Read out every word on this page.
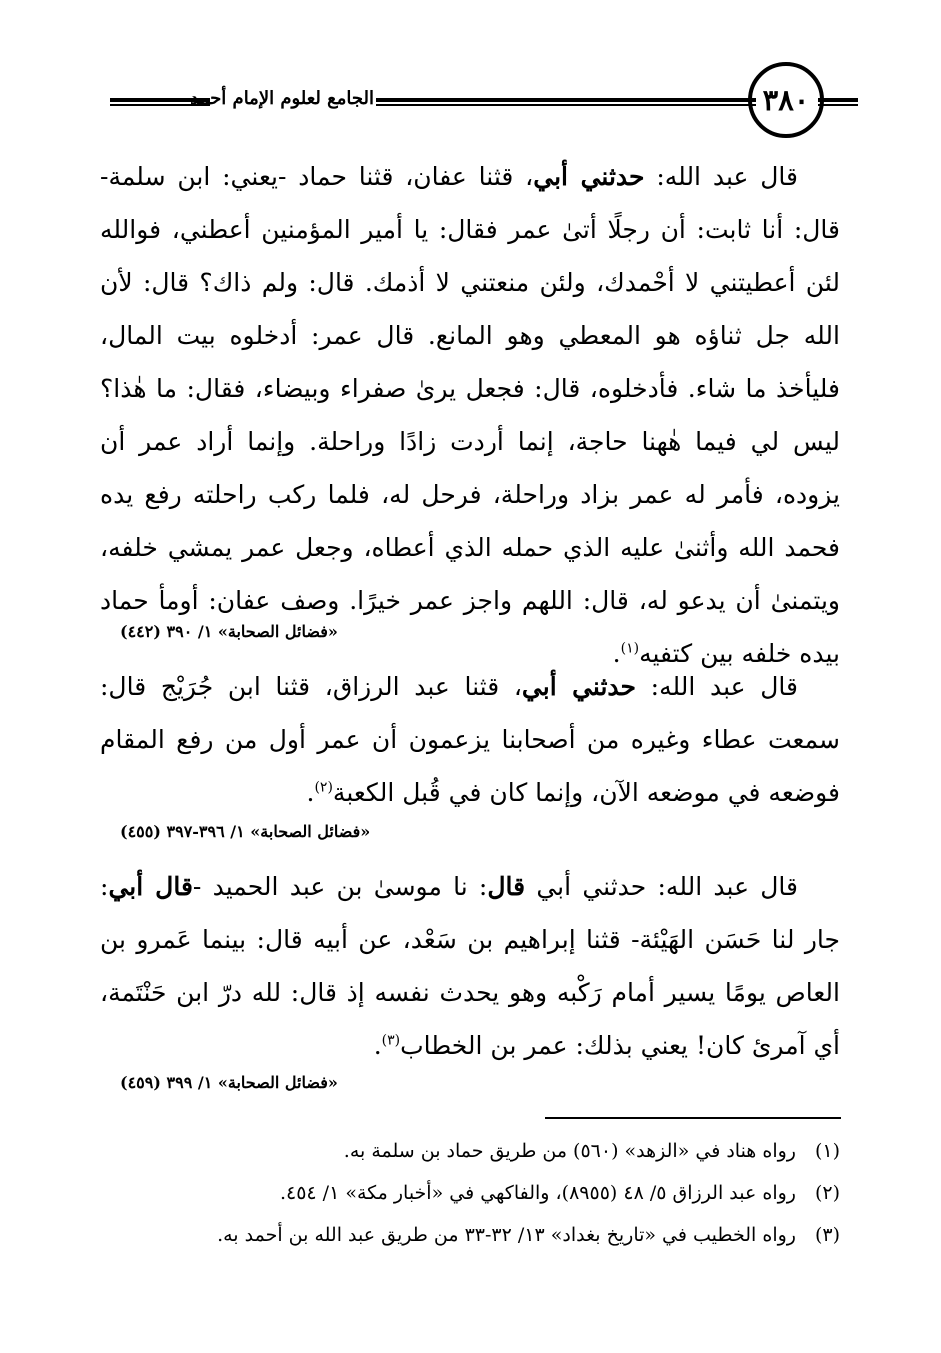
الجامع لعلوم الإمام أحمد	٣٨٠

قال عبد الله: حدثني أبي، قثنا عفان، قثنا حماد -يعني: ابن سلمة- قال: أنا ثابت: أن رجلًا أتىٰ عمر فقال: يا أمير المؤمنين أعطني، فوالله لئن أعطيتني لا أحْمدك، ولئن منعتني لا أذمك. قال: ولم ذاك؟ قال: لأن الله جل ثناؤه هو المعطي وهو المانع. قال عمر: أدخلوه بيت المال، فليأخذ ما شاء. فأدخلوه، قال: فجعل يرىٰ صفراء وبيضاء، فقال: ما هٰذا؟ ليس لي فيما هٰهنا حاجة، إنما أردت زادًا وراحلة. وإنما أراد عمر أن يزوده، فأمر له عمر بزاد وراحلة، فرحل له، فلما ركب راحلته رفع يده فحمد الله وأثنىٰ عليه الذي حمله الذي أعطاه، وجعل عمر يمشي خلفه، ويتمنىٰ أن يدعو له، قال: اللهم واجز عمر خيرًا. وصف عفان: أومأ حماد بيده خلفه بين كتفيه$^{(١)}$.

«فضائل الصحابة» ١/ ٣٩٠ (٤٤٢)

قال عبد الله: حدثني أبي، قثنا عبد الرزاق، قثنا ابن جُرَيْج قال: سمعت عطاء وغيره من أصحابنا يزعمون أن عمر أول من رفع المقام فوضعه في موضعه الآن، وإنما كان في قُبل الكعبة$^{(٢)}$.

«فضائل الصحابة» ١/ ٣٩٦-٣٩٧ (٤٥٥)

قال عبد الله: حدثني أبي قال: نا موسىٰ بن عبد الحميد -قال أبي: جار لنا حَسَن الهَيْئة- قثنا إبراهيم بن سَعْد، عن أبيه قال: بينما عَمرو بن العاص يومًا يسير أمام رَكْبه وهو يحدث نفسه إذ قال: لله درّ ابن حَنْتَمة، أي آمرئ كان! يعني بذلك: عمر بن الخطاب$^{(٣)}$.

«فضائل الصحابة» ١/ ٣٩٩ (٤٥٩)

(١) رواه هناد في «الزهد» (٥٦٠) من طريق حماد بن سلمة به.
(٢) رواه عبد الرزاق ٥/ ٤٨ (٨٩٥٥)، والفاكهي في «أخبار مكة» ١/ ٤٥٤.
(٣) رواه الخطيب في «تاريخ بغداد» ١٣/ ٣٢-٣٣ من طريق عبد الله بن أحمد به.
